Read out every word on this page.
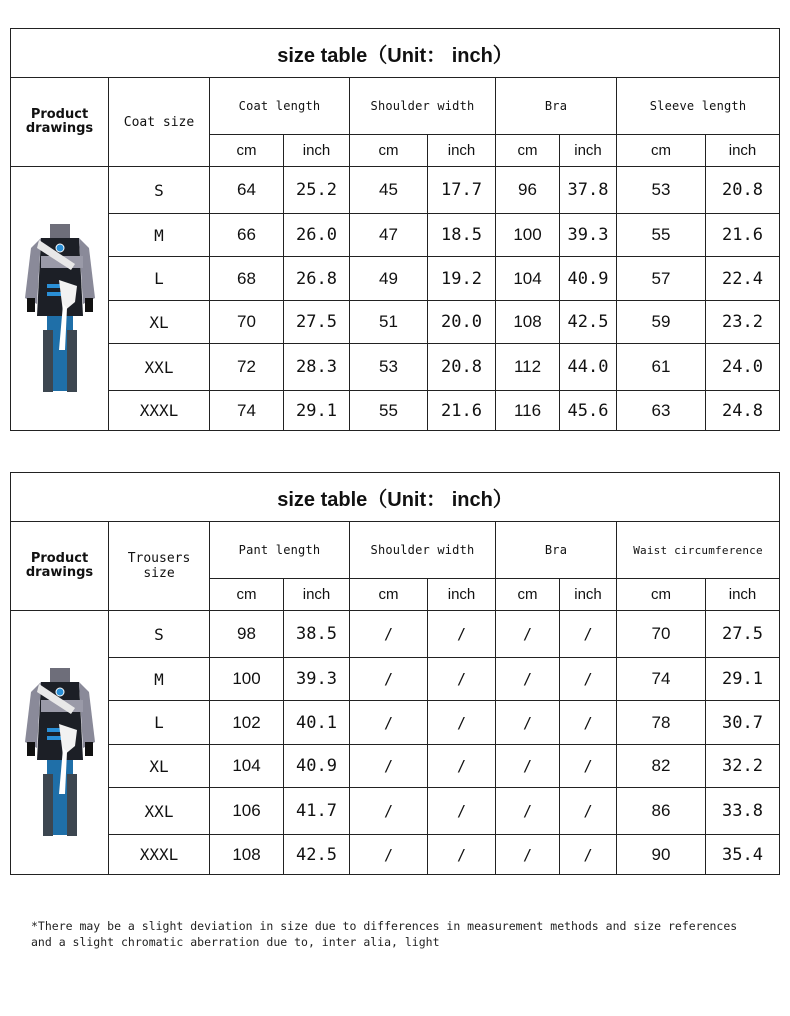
size table（Unit： inch）									
Product drawings	Coat size	Coat length		Shoulder width		Bra		Sleeve length	
		cm	inch	cm	inch	cm	inch	cm	inch

	S	64	25.2	45	17.7	96	37.8	53	20.8
	M	66	26.0	47	18.5	100	39.3	55	21.6
	L	68	26.8	49	19.2	104	40.9	57	22.4
	XL	70	27.5	51	20.0	108	42.5	59	23.2
	XXL	72	28.3	53	20.8	112	44.0	61	24.0
	XXXL	74	29.1	55	21.6	116	45.6	63	24.8
size table（Unit： inch）									
Product drawings	Trousers size	Pant length		Shoulder width		Bra		Waist circumference	
		cm	inch	cm	inch	cm	inch	cm	inch

	S	98	38.5	/	/	/	/	70	27.5
	M	100	39.3	/	/	/	/	74	29.1
	L	102	40.1	/	/	/	/	78	30.7
	XL	104	40.9	/	/	/	/	82	32.2
	XXL	106	41.7	/	/	/	/	86	33.8
	XXXL	108	42.5	/	/	/	/	90	35.4
*There may be a slight deviation in size due to differences in measurement methods and size references and a slight chromatic aberration due to, inter alia, light
